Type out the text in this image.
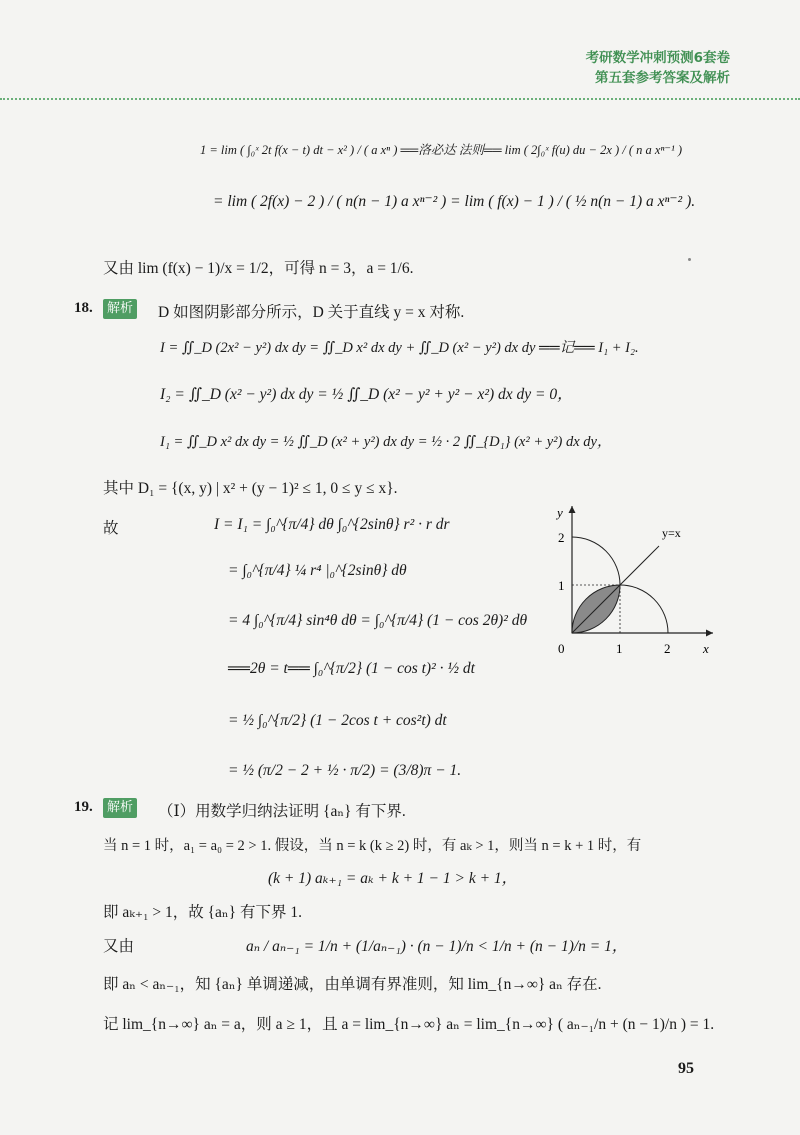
考研数学冲刺预测6套卷
第五套参考答案及解析
1 = lim ( ∫₀ˣ 2t f(x − t) dt − x² ) / ( a xⁿ ) ══洛必达 法则══ lim ( 2∫₀ˣ f(u) du − 2x ) / ( n a xⁿ⁻¹ )
= lim ( 2f(x) − 2 ) / ( n(n − 1) a xⁿ⁻² ) = lim ( f(x) − 1 ) / ( ½ n(n − 1) a xⁿ⁻² ).
又由 lim (f(x) − 1)/x = 1/2，可得 n = 3，a = 1/6.
18.	解析 D 如图阴影部分所示，D 关于直线 y = x 对称.
I = ∬_D (2x² − y²) dx dy = ∬_D x² dx dy + ∬_D (x² − y²) dx dy ══记══ I₁ + I₂.
I₂ = ∬_D (x² − y²) dx dy = ½ ∬_D (x² − y² + y² − x²) dx dy = 0，
I₁ = ∬_D x² dx dy = ½ ∬_D (x² + y²) dx dy = ½ · 2 ∬_{D₁} (x² + y²) dx dy，
其中 D₁ = {(x, y) | x² + (y − 1)² ≤ 1, 0 ≤ y ≤ x}.
故	I = I₁ = ∫₀^{π/4} dθ ∫₀^{2sinθ} r² · r dr
= ∫₀^{π/4} ¼ r⁴ |₀^{2sinθ} dθ
= 4 ∫₀^{π/4} sin⁴θ dθ = ∫₀^{π/4} (1 − cos 2θ)² dθ
══2θ = t══ ∫₀^{π/2} (1 − cos t)² · ½ dt
= ½ ∫₀^{π/2} (1 − 2cos t + cos²t) dt
= ½ (π/2 − 2 + ½ · π/2) = (3/8)π − 1.
y
x
0	1	2
1
2	y=x
19.	解析 （Ⅰ）用数学归纳法证明 {aₙ} 有下界.
当 n = 1 时，a₁ = a₀ = 2 > 1. 假设，当 n = k (k ≥ 2) 时，有 aₖ > 1，则当 n = k + 1 时，有
(k + 1) aₖ₊₁ = aₖ + k + 1 − 1 > k + 1，
即 aₖ₊₁ > 1，故 {aₙ} 有下界 1.
又由	aₙ / aₙ₋₁ = 1/n + (1/aₙ₋₁) · (n − 1)/n < 1/n + (n − 1)/n = 1，
即 aₙ < aₙ₋₁，知 {aₙ} 单调递减，由单调有界准则，知 lim_{n→∞} aₙ 存在.
记 lim_{n→∞} aₙ = a，则 a ≥ 1，且 a = lim_{n→∞} aₙ = lim_{n→∞} ( aₙ₋₁/n + (n − 1)/n ) = 1.
95
